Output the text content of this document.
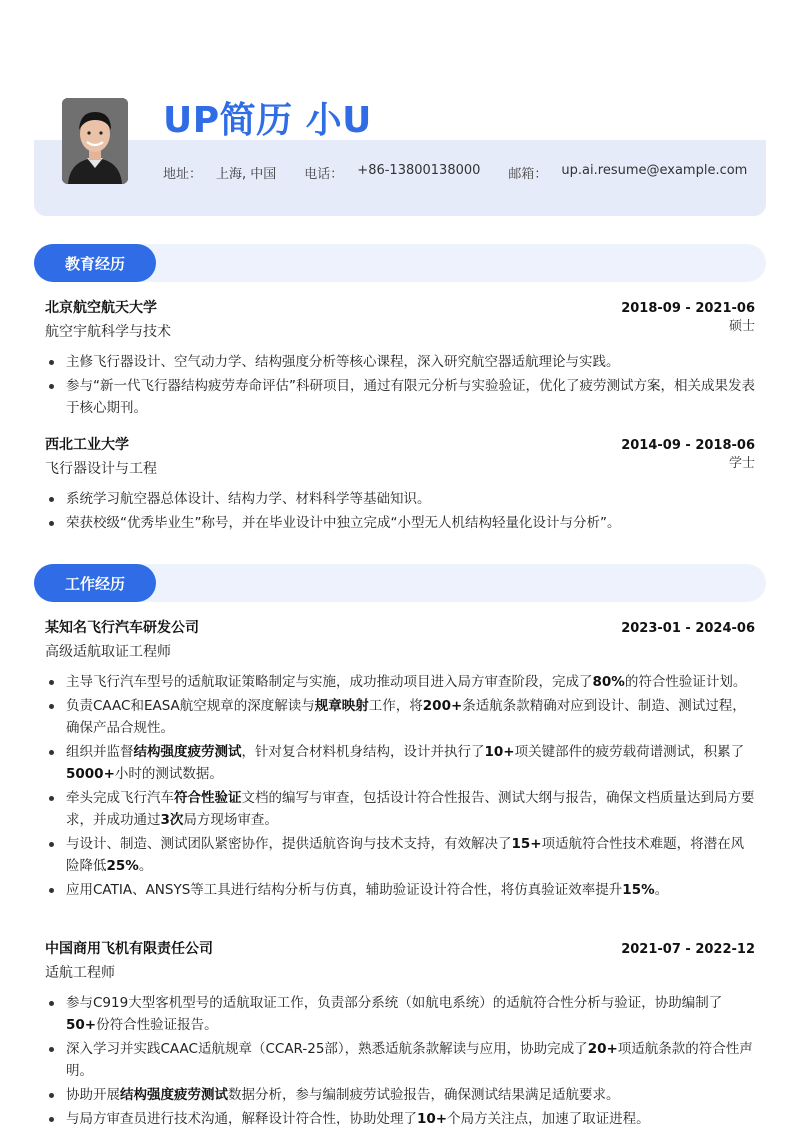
UP简历 小U
地址： 上海, 中国 电话： +86-13800138000 邮箱： up.ai.resume@example.com
教育经历
北京航空航天大学	2018-09 - 2021-06
航空宇航科学与技术	硕士
主修飞行器设计、空气动力学、结构强度分析等核心课程，深入研究航空器适航理论与实践。
参与“新一代飞行器结构疲劳寿命评估”科研项目，通过有限元分析与实验验证，优化了疲劳测试方案，相关成果发表于核心期刊。
西北工业大学	2014-09 - 2018-06
飞行器设计与工程	学士
系统学习航空器总体设计、结构力学、材料科学等基础知识。
荣获校级“优秀毕业生”称号，并在毕业设计中独立完成“小型无人机结构轻量化设计与分析”。
工作经历
某知名飞行汽车研发公司	2023-01 - 2024-06
高级适航取证工程师
主导飞行汽车型号的适航取证策略制定与实施，成功推动项目进入局方审查阶段，完成了80%的符合性验证计划。
负责CAAC和EASA航空规章的深度解读与规章映射工作，将200+条适航条款精确对应到设计、制造、测试过程，确保产品合规性。
组织并监督结构强度疲劳测试，针对复合材料机身结构，设计并执行了10+项关键部件的疲劳载荷谱测试，积累了5000+小时的测试数据。
牵头完成飞行汽车符合性验证文档的编写与审查，包括设计符合性报告、测试大纲与报告，确保文档质量达到局方要求，并成功通过3次局方现场审查。
与设计、制造、测试团队紧密协作，提供适航咨询与技术支持，有效解决了15+项适航符合性技术难题，将潜在风险降低25%。
应用CATIA、ANSYS等工具进行结构分析与仿真，辅助验证设计符合性，将仿真验证效率提升15%。
中国商用飞机有限责任公司	2021-07 - 2022-12
适航工程师
参与C919大型客机型号的适航取证工作，负责部分系统（如航电系统）的适航符合性分析与验证，协助编制了50+份符合性验证报告。
深入学习并实践CAAC适航规章（CCAR-25部），熟悉适航条款解读与应用，协助完成了20+项适航条款的符合性声明。
协助开展结构强度疲劳测试数据分析，参与编制疲劳试验报告，确保测试结果满足适航要求。
与局方审查员进行技术沟通，解释设计符合性，协助处理了10+个局方关注点，加速了取证进程。
